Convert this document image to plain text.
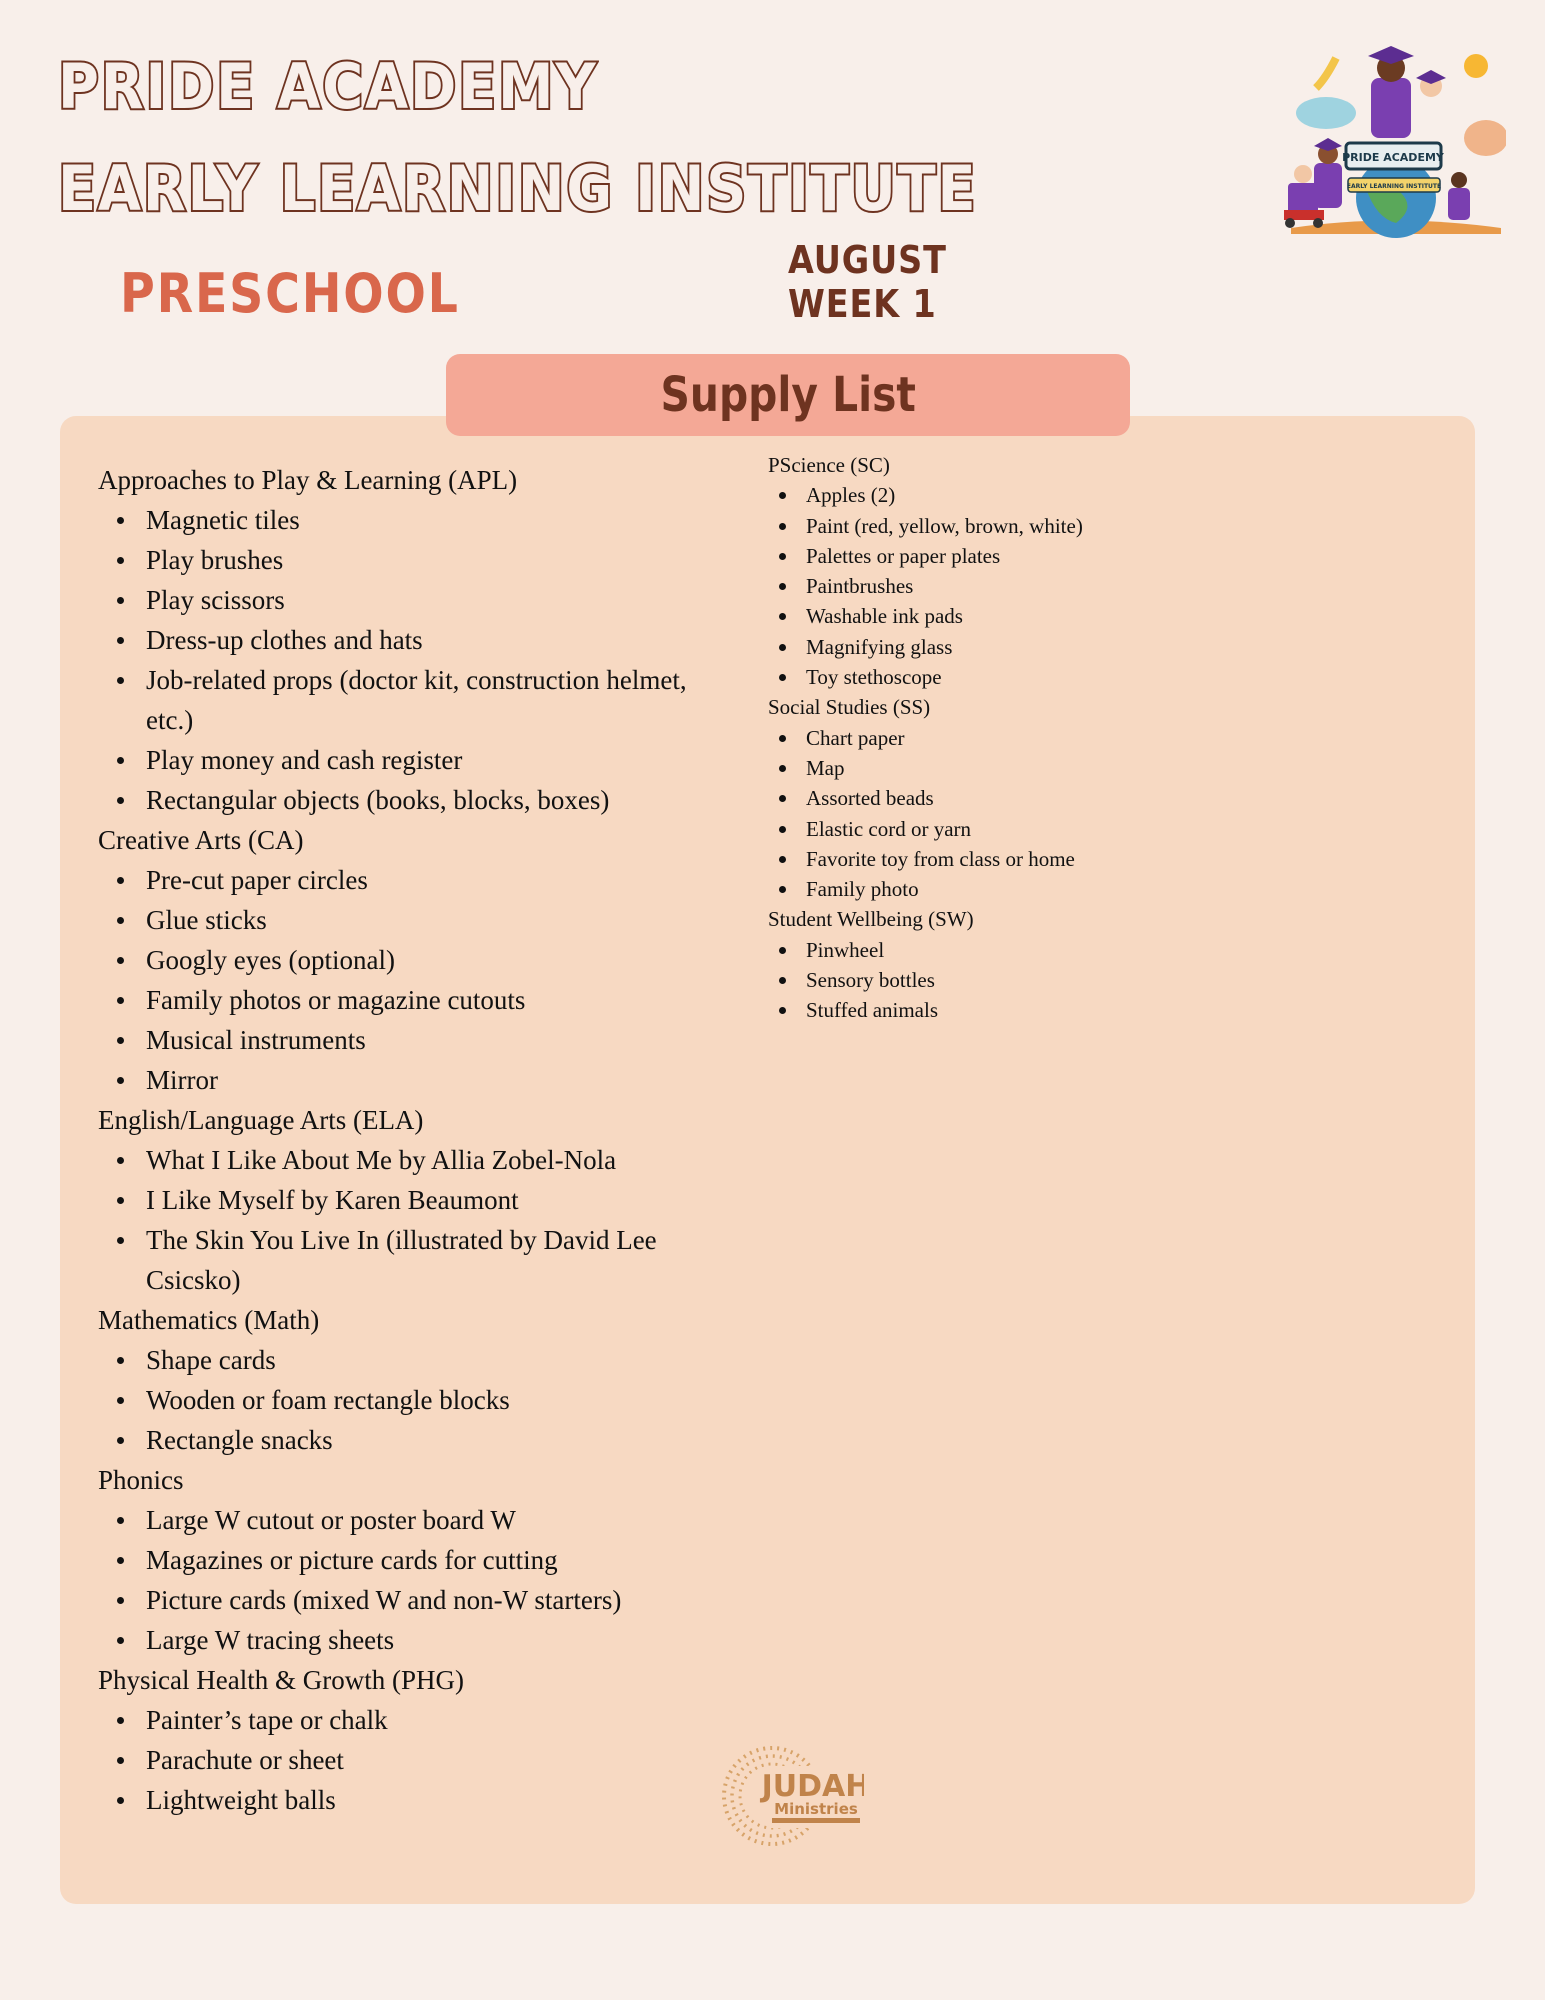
PRIDE ACADEMY
EARLY LEARNING INSTITUTE
PRESCHOOL
AUGUST
WEEK 1
PRIDE ACADEMY
EARLY LEARNING INSTITUTE
Supply List

Approaches to Play & Learning (APL)

Magnetic tiles
Play brushes
Play scissors
Dress-up clothes and hats
Job-related props (doctor kit, construction helmet, etc.)
Play money and cash register
Rectangular objects (books, blocks, boxes)

Creative Arts (CA)

Pre-cut paper circles
Glue sticks
Googly eyes (optional)
Family photos or magazine cutouts
Musical instruments
Mirror

English/Language Arts (ELA)

What I Like About Me by Allia Zobel-Nola
I Like Myself by Karen Beaumont
The Skin You Live In (illustrated by David Lee Csicsko)

Mathematics (Math)

Shape cards
Wooden or foam rectangle blocks
Rectangle snacks

Phonics

Large W cutout or poster board W
Magazines or picture cards for cutting
Picture cards (mixed W and non-W starters)
Large W tracing sheets

Physical Health & Growth (PHG)

Painter’s tape or chalk
Parachute or sheet
Lightweight balls

PScience (SC)

Apples (2)
Paint (red, yellow, brown, white)
Palettes or paper plates
Paintbrushes
Washable ink pads
Magnifying glass
Toy stethoscope

Social Studies (SS)

Chart paper
Map
Assorted beads
Elastic cord or yarn
Favorite toy from class or home
Family photo

Student Wellbeing (SW)

Pinwheel
Sensory bottles
Stuffed animals
JUDAH
Ministries
